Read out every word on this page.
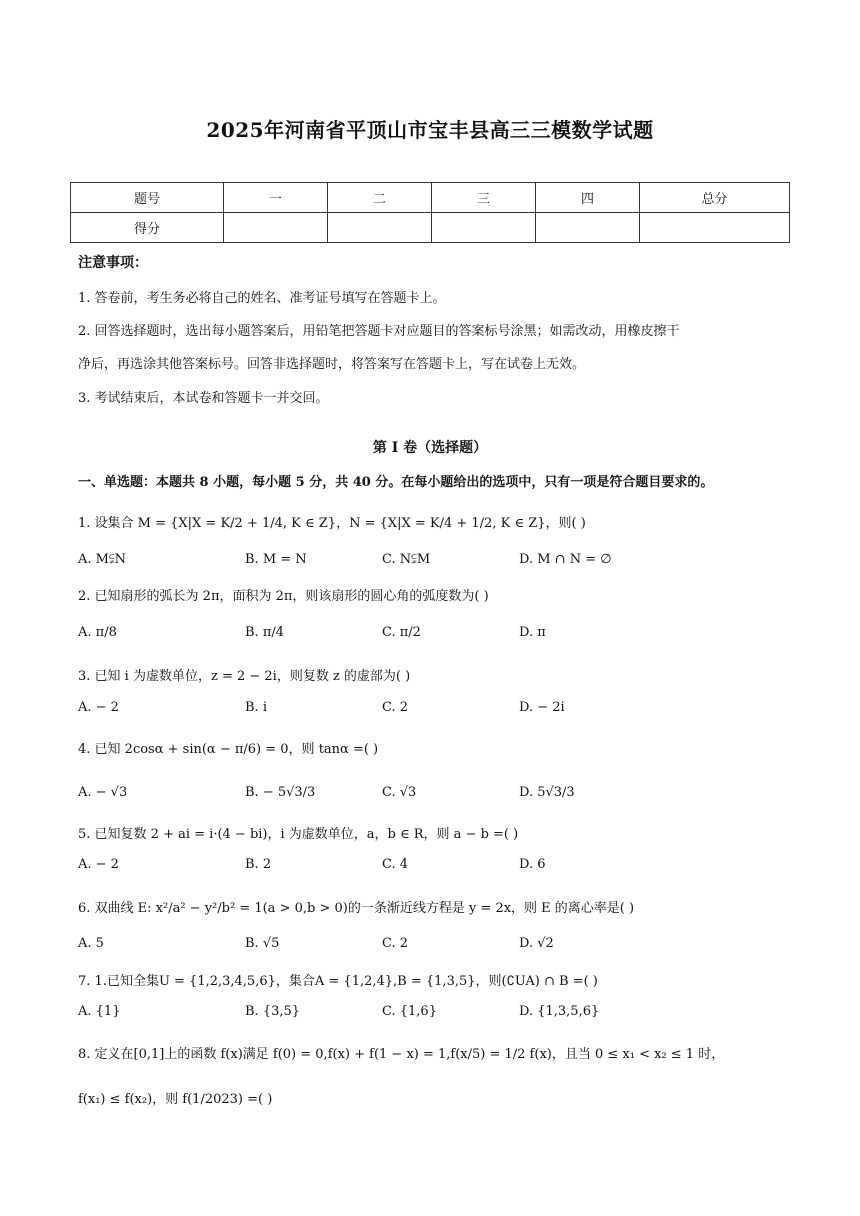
2025年河南省平顶山市宝丰县高三三模数学试题
题号	一	二	三	四	总分
得分					
注意事项：
1. 答卷前，考生务必将自己的姓名、准考证号填写在答题卡上。
2. 回答选择题时，选出每小题答案后，用铅笔把答题卡对应题目的答案标号涂黑；如需改动，用橡皮擦干
净后，再选涂其他答案标号。回答非选择题时，将答案写在答题卡上，写在试卷上无效。
3. 考试结束后，本试卷和答题卡一并交回。
第 I 卷（选择题）
一、单选题：本题共 8 小题，每小题 5 分，共 40 分。在每小题给出的选项中，只有一项是符合题目要求的。
1. 设集合 M = {X|X = K/2 + 1/4, K ∈ Z}，N = {X|X = K/4 + 1/2, K ∈ Z}，则( )
A. M⫋N	B. M = N	C. N⫋M	D. M ∩ N = ∅
2. 已知扇形的弧长为 2π，面积为 2π，则该扇形的圆心角的弧度数为( )
A. π/8	B. π/4	C. π/2	D. π
3. 已知 i 为虚数单位，z = 2 − 2i，则复数 z 的虚部为( )
A. − 2	B. i	C. 2	D. − 2i
4. 已知 2cosα + sin(α − π/6) = 0，则 tanα =( )
A. − √3	B. − 5√3/3	C. √3	D. 5√3/3
5. 已知复数 2 + ai = i·(4 − bi)，i 为虚数单位，a，b ∈ R，则 a − b =( )
A. − 2	B. 2	C. 4	D. 6
6. 双曲线 E: x²/a² − y²/b² = 1(a > 0,b > 0)的一条渐近线方程是 y = 2x，则 E 的离心率是( )
A. 5	B. √5	C. 2	D. √2
7. 1.已知全集U = {1,2,3,4,5,6}，集合A = {1,2,4},B = {1,3,5}，则(∁UA) ∩ B =( )
A. {1}	B. {3,5}	C. {1,6}	D. {1,3,5,6}
8. 定义在[0,1]上的函数 f(x)满足 f(0) = 0,f(x) + f(1 − x) = 1,f(x/5) = 1/2 f(x)，且当 0 ≤ x₁ < x₂ ≤ 1 时，
f(x₁) ≤ f(x₂)，则 f(1/2023) =( )
